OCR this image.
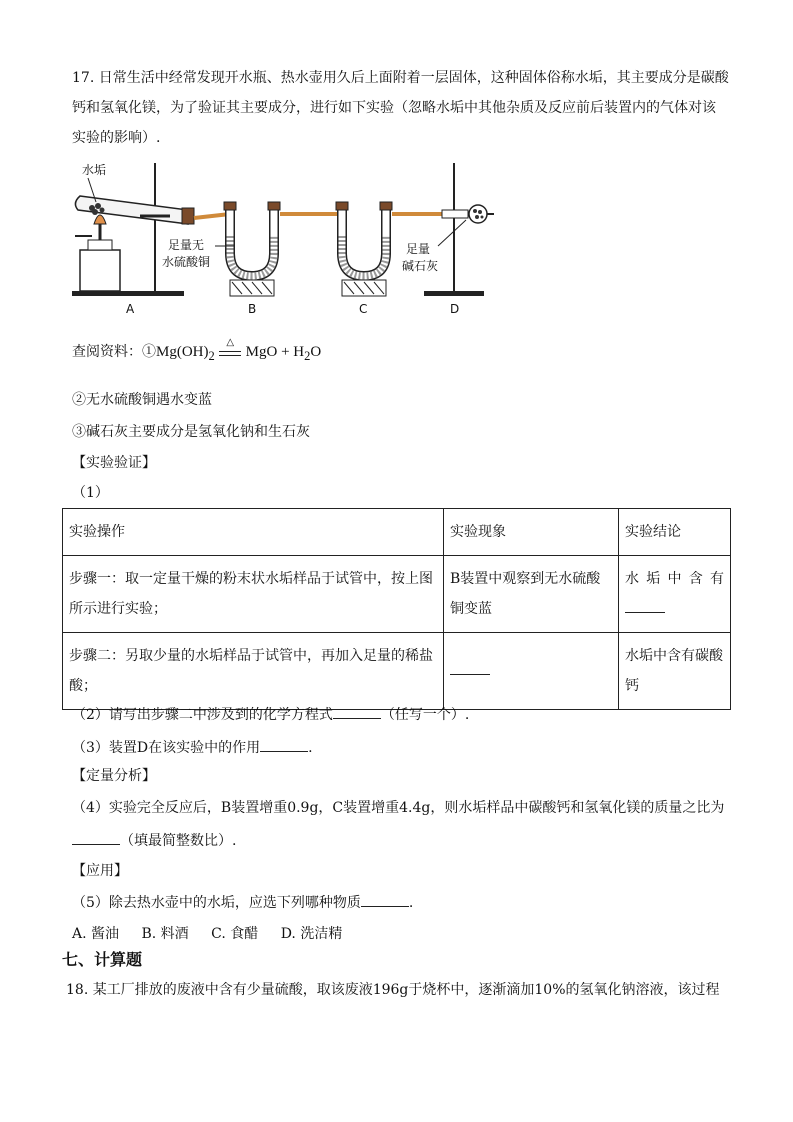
17. 日常生活中经常发现开水瓶、热水壶用久后上面附着一层固体，这种固体俗称水垢，其主要成分是碳酸
钙和氢氧化镁，为了验证其主要成分，进行如下实验（忽略水垢中其他杂质及反应前后装置内的气体对该
实验的影响）.
水垢
足量无
水硫酸铜
足量
碱石灰
A	B	C	D
查阅资料：$①Mg(OH)_2$
△
MgO + $H_2O$
②无水硫酸铜遇水变蓝
③碱石灰主要成分是氢氧化钠和生石灰
【实验验证】
（1）
实验操作	实验现象	实验结论
步骤一：取一定量干燥的粉末状水垢样品于试管中，按上图所示进行实验；	B装置中观察到无水硫酸铜变蓝	水垢中含有

步骤二：另取少量的水垢样品于试管中，再加入足量的稀盐酸；		水垢中含有碳酸钙
（2）请写出步骤二中涉及到的化学方程式	（任写一个）.
（3）装置D在该实验中的作用	.
【定量分析】
（4）实验完全反应后，B装置增重0.9g，C装置增重4.4g，则水垢样品中碳酸钙和氢氧化镁的质量之比为
（填最简整数比）.
【应用】
（5）除去热水壶中的水垢，应选下列哪种物质	.
A. 酱油 B. 料酒 C. 食醋 D. 洗洁精
七、计算题
18. 某工厂排放的废液中含有少量硫酸，取该废液196g于烧杯中，逐渐滴加10%的氢氧化钠溶液，该过程
